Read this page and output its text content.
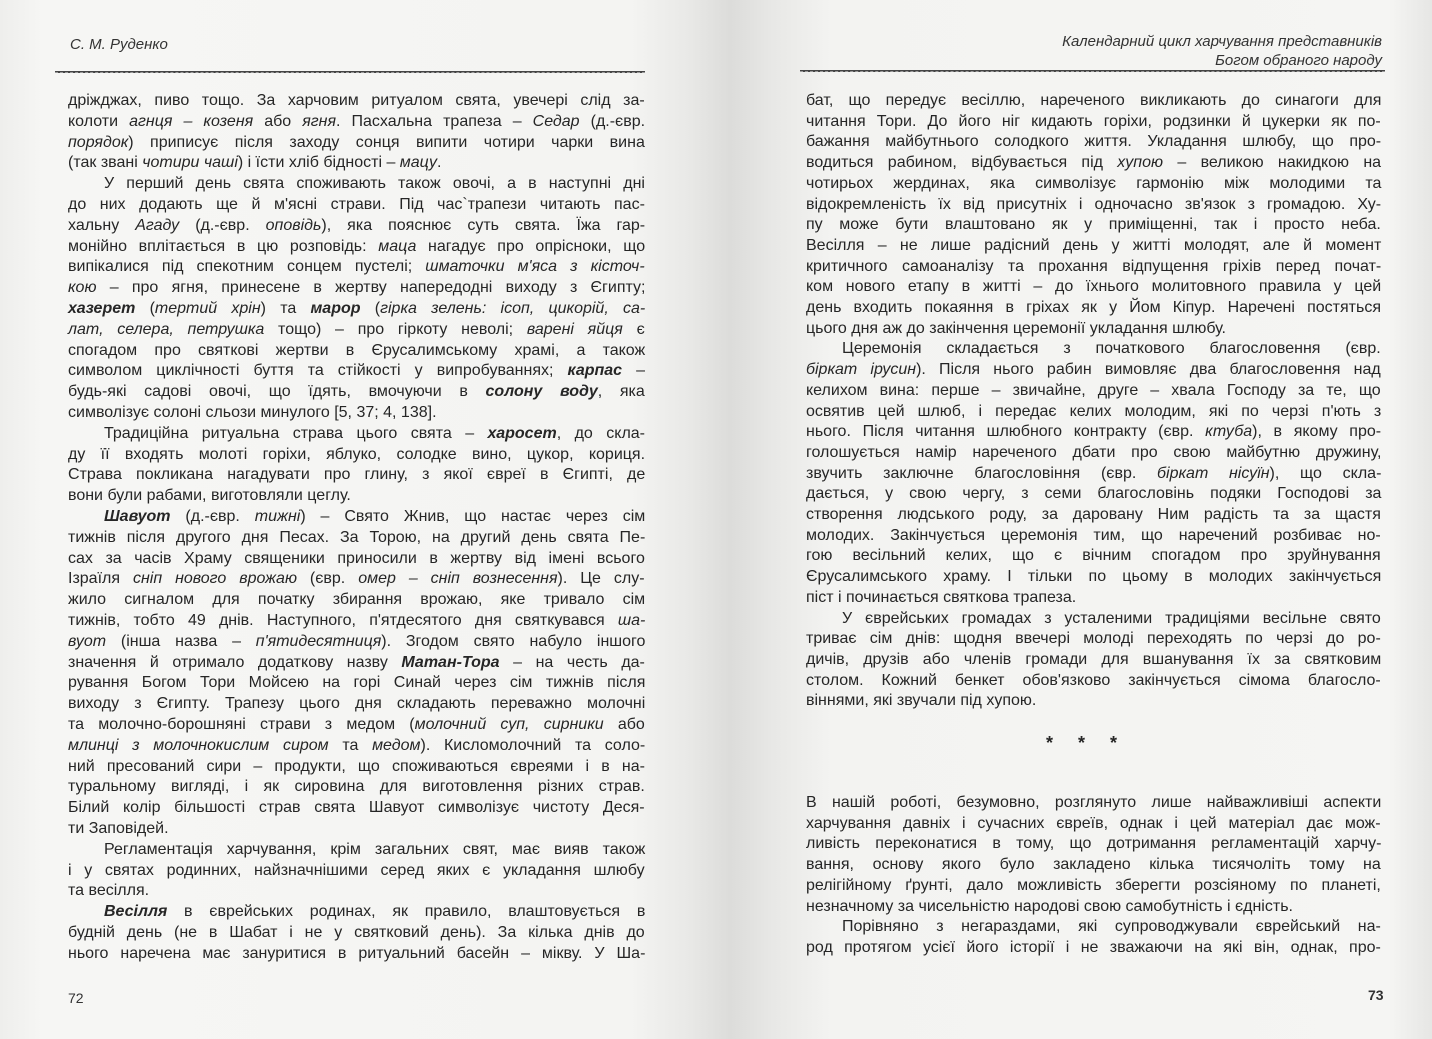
С. М. Руденко
дріжджах, пиво тощо. За харчовим ритуалом свята, увечері слід за-
колоти агнця – козеня або ягня. Пасхальна трапеза – Седар (д.-євр.
порядок) приписує після заходу сонця випити чотири чарки вина
(так звані чотири чаші) і їсти хліб бідності – мацу.
У перший день свята споживають також овочі, а в наступні дні
до них додають ще й м'ясні страви. Під час`трапези читають пас-
хальну Агаду (д.-євр. оповідь), яка пояснює суть свята. Їжа гар-
монійно вплітається в цю розповідь: маца нагадує про опрісноки, що
випікалися під спекотним сонцем пустелі; шматочки м'яса з кісточ-
кою – про ягня, принесене в жертву напередодні виходу з Єгипту;
хазерет (тертий хрін) та марор (гірка зелень: ісоп, цикорій, са-
лат, селера, петрушка тощо) – про гіркоту неволі; варені яйця є
спогадом про святкові жертви в Єрусалимському храмі, а також
символом циклічності буття та стійкості у випробуваннях; карпас –
будь-які садові овочі, що їдять, вмочуючи в солону воду, яка
символізує солоні сльози минулого [5, 37; 4, 138].
Традиційна ритуальна страва цього свята – харосет, до скла-
ду її входять молоті горіхи, яблуко, солодке вино, цукор, кориця.
Страва покликана нагадувати про глину, з якої євреї в Єгипті, де
вони були рабами, виготовляли цеглу.
Шавуот (д.-євр. тижні) – Свято Жнив, що настає через сім
тижнів після другого дня Песах. За Торою, на другий день свята Пе-
сах за часів Храму священики приносили в жертву від імені всього
Ізраїля сніп нового врожаю (євр. омер – сніп вознесення). Це слу-
жило сигналом для початку збирання врожаю, яке тривало сім
тижнів, тобто 49 днів. Наступного, п'ятдесятого дня святкувався ша-
вуот (інша назва – п'ятидесятниця). Згодом свято набуло іншого
значення й отримало додаткову назву Матан-Тора – на честь да-
рування Богом Тори Мойсею на горі Синай через сім тижнів після
виходу з Єгипту. Трапезу цього дня складають переважно молочні
та молочно-борошняні страви з медом (молочний суп, сирники або
млинці з молочнокислим сиром та медом). Кисломолочний та соло-
ний пресований сири – продукти, що споживаються євреями і в на-
туральному вигляді, і як сировина для виготовлення різних страв.
Білий колір більшості страв свята Шавуот символізує чистоту Деся-
ти Заповідей.
Регламентація харчування, крім загальних свят, має вияв також
і у святах родинних, найзначнішими серед яких є укладання шлюбу
та весілля.
Весілля в єврейських родинах, як правило, влаштовується в
будній день (не в Шабат і не у святковий день). За кілька днів до
нього наречена має зануритися в ритуальний басейн – мікву. У Ша-
72
Календарний цикл харчування представників
Богом обраного народу
бат, що передує весіллю, нареченого викликають до синагоги для
читання Тори. До його ніг кидають горіхи, родзинки й цукерки як по-
бажання майбутнього солодкого життя. Укладання шлюбу, що про-
водиться рабином, відбувається під хупою – великою накидкою на
чотирьох жердинах, яка символізує гармонію між молодими та
відокремленість їх від присутніх і одночасно зв'язок з громадою. Ху-
пу може бути влаштовано як у приміщенні, так і просто неба.
Весілля – не лише радісний день у житті молодят, але й момент
критичного самоаналізу та прохання відпущення гріхів перед почат-
ком нового етапу в житті – до їхнього молитовного правила у цей
день входить покаяння в гріхах як у Йом Кіпур. Наречені постяться
цього дня аж до закінчення церемонії укладання шлюбу.
Церемонія складається з початкового благословення (євр.
біркат ірусин). Після нього рабин вимовляє два благословення над
келихом вина: перше – звичайне, друге – хвала Господу за те, що
освятив цей шлюб, і передає келих молодим, які по черзі п'ють з
нього. Після читання шлюбного контракту (євр. ктуба), в якому про-
голошується намір нареченого дбати про свою майбутню дружину,
звучить заключне благословіння (євр. біркат нісуїн), що скла-
дається, у свою чергу, з семи благословінь подяки Господові за
створення людського роду, за даровану Ним радість та за щастя
молодих. Закінчується церемонія тим, що наречений розбиває но-
гою весільний келих, що є вічним спогадом про зруйнування
Єрусалимського храму. І тільки по цьому в молодих закінчується
піст і починається святкова трапеза.
У єврейських громадах з усталеними традиціями весільне свято
триває сім днів: щодня ввечері молоді переходять по черзі до ро-
дичів, друзів або членів громади для вшанування їх за святковим
столом. Кожний бенкет обов'язково закінчується сімома благосло-
віннями, які звучали під хупою.
* * *
В нашій роботі, безумовно, розглянуто лише найважливіші аспекти
харчування давніх і сучасних євреїв, однак і цей матеріал дає мож-
ливість переконатися в тому, що дотримання регламентацій харчу-
вання, основу якого було закладено кілька тисячоліть тому на
релігійному ґрунті, дало можливість зберегти розсіяному по планеті,
незначному за чисельністю народові свою самобутність і єдність.
Порівняно з негараздами, які супроводжували єврейський на-
род протягом усієї його історії і не зважаючи на які він, однак, про-
73
